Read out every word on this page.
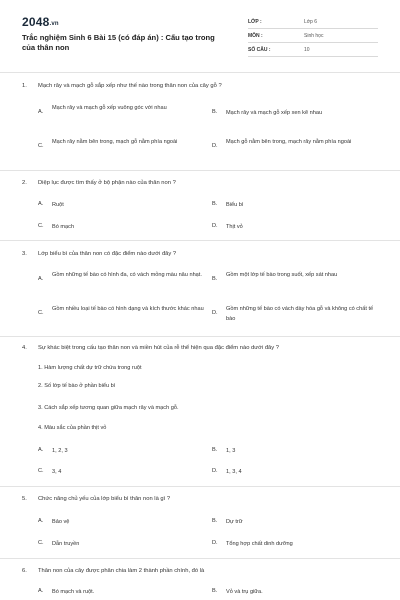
2048.vn
Trắc nghiệm Sinh 6 Bài 15 (có đáp án) : Cấu tạo trong của thân non
LỚP :	Lớp 6
MÔN :	Sinh học
SỐ CÂU :	10
1. Mạch rây và mạch gỗ sắp xếp như thế nào trong thân non của cây gỗ ?
A.
Mạch rây và mạch gỗ xếp vuông góc với nhau
B. Mạch rây và mạch gỗ xếp xen kẽ nhau
C.
Mạch rây nằm bên trong, mạch gỗ nằm phía ngoài
D.
Mạch gỗ nằm bên trong, mạch rây nằm phía ngoài
2. Diệp lục được tìm thấy ở bộ phận nào của thân non ?
A. Ruột	B. Biểu bì
C. Bó mạch	D. Thịt vỏ
3. Lớp biểu bì của thân non có đặc điểm nào dưới đây ?
A.
Gồm những tế bào có hình đa, có vách mỏng màu nâu nhạt.
B.
Gồm một lớp tế bào trong suốt, xếp sát nhau
C.
Gồm nhiều loại tế bào có hình dạng và kích thước khác nhau
D.
Gồm những tế bào có vách dày hóa gỗ và không có chất tế bào
4. Sự khác biệt trong cấu tạo thân non và miền hút của rễ thể hiện qua đặc điểm nào dưới đây ?
1. Hàm lượng chất dự trữ chứa trong ruột
2. Số lớp tế bào ở phần biểu bì
3. Cách sắp xếp tương quan giữa mạch rây và mạch gỗ.
4. Màu sắc của phần thịt vỏ
A. 1, 2, 3	B. 1, 3
C. 3, 4	D. 1, 3, 4
5. Chức năng chủ yếu của lớp biểu bì thân non là gì ?
A. Bảo vệ	B. Dự trữ
C. Dẫn truyền	D. Tổng hợp chất dinh dưỡng
6. Thân non của cây được phân chia làm 2 thành phần chính, đó là
A. Bó mạch và ruột.	B. Vỏ và trụ giữa.
